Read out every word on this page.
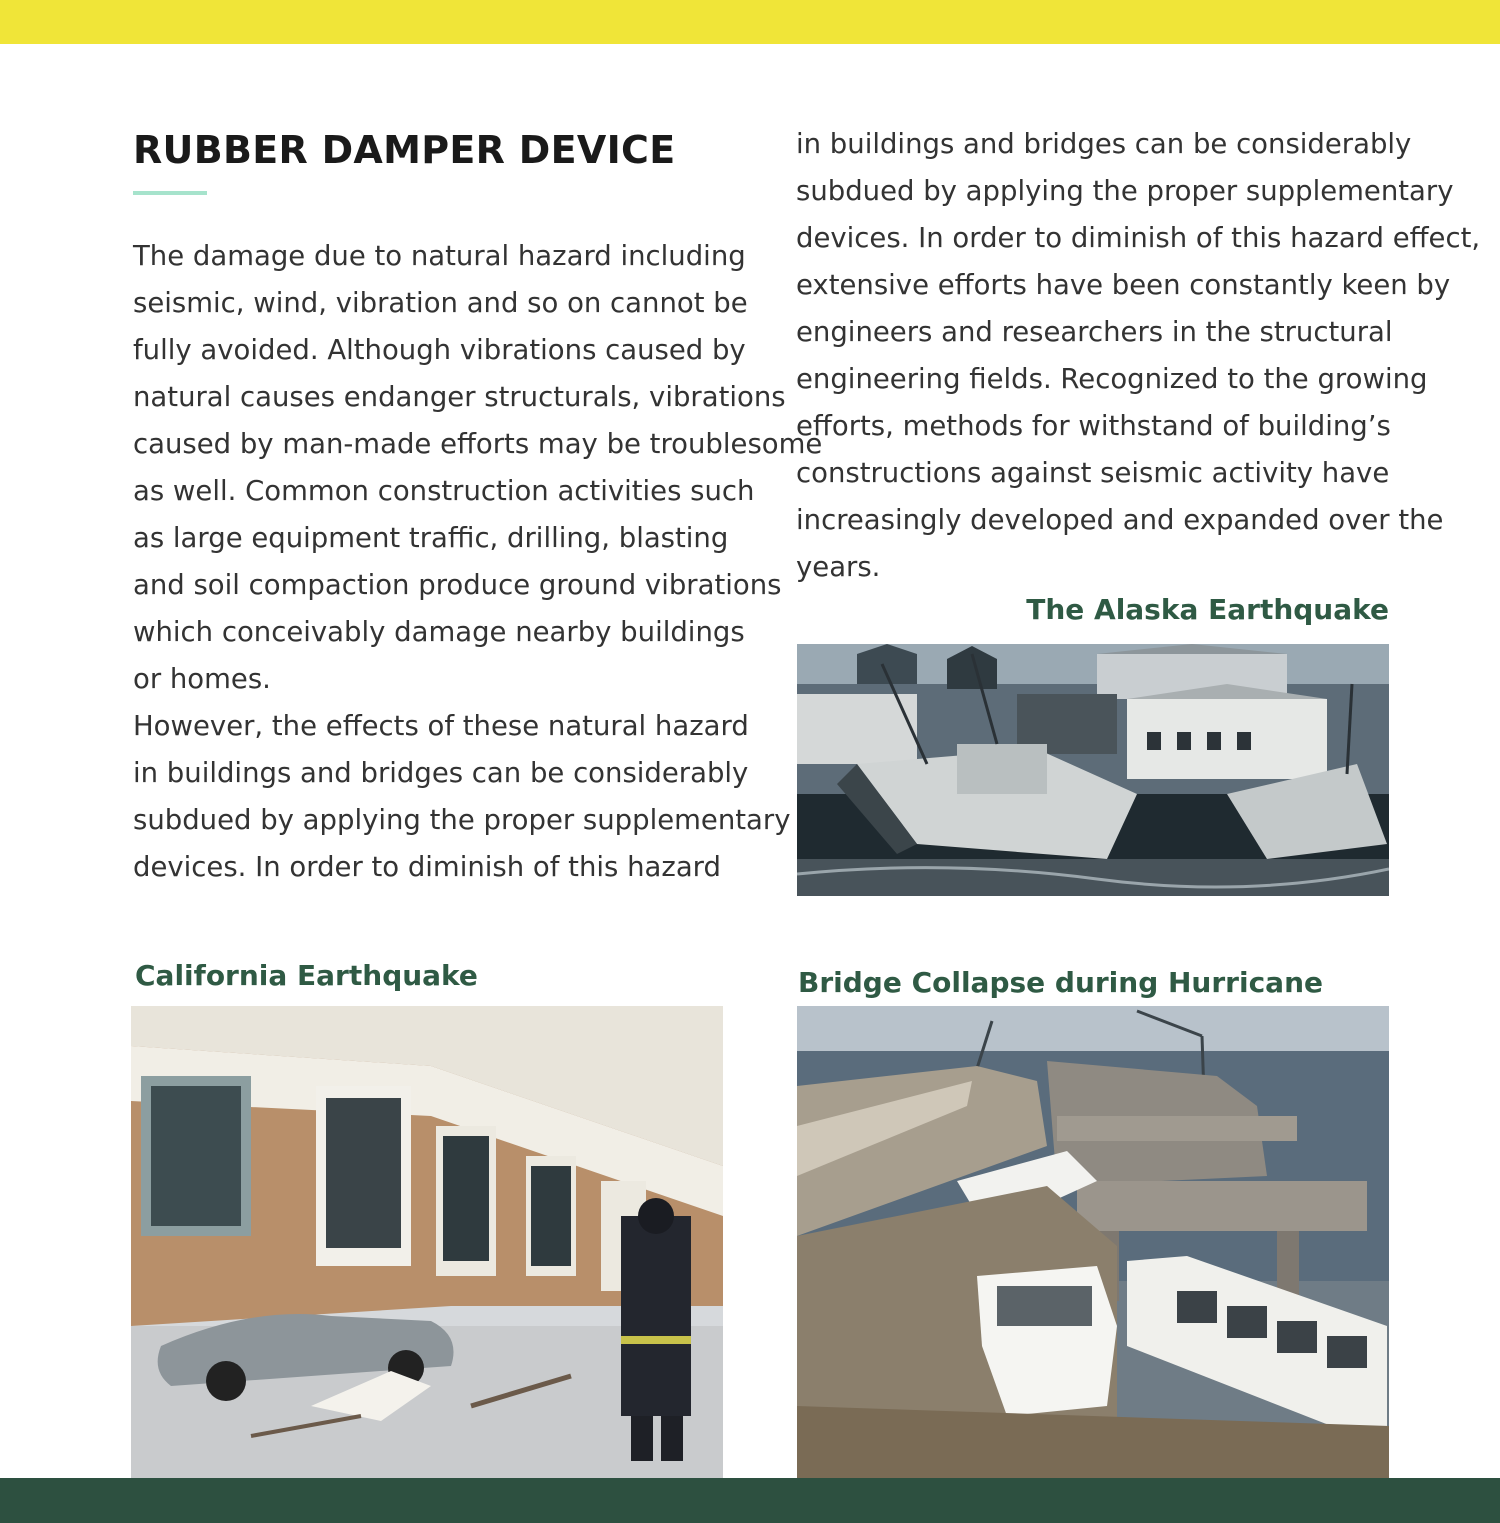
RUBBER DAMPER DEVICE
The damage due to natural hazard including
seismic, wind, vibration and so on cannot be
fully avoided. Although vibrations caused by
natural causes endanger structurals, vibrations
caused by man-made efforts may be troublesome
as well. Common construction activities such
as large equipment traffic, drilling, blasting
and soil compaction produce ground vibrations
which conceivably damage nearby buildings
or homes.
However, the effects of these natural hazard
in buildings and bridges can be considerably
subdued by applying the proper supplementary
devices. In order to diminish of this hazard
in buildings and bridges can be considerably
subdued by applying the proper supplementary
devices. In order to diminish of this hazard effect,
extensive efforts have been constantly keen by
engineers and researchers in the structural
engineering fields. Recognized to the growing
efforts, methods for withstand of building’s
constructions against seismic activity have
increasingly developed and expanded over the
years.
The Alaska Earthquake
California Earthquake	Bridge Collapse during Hurricane
